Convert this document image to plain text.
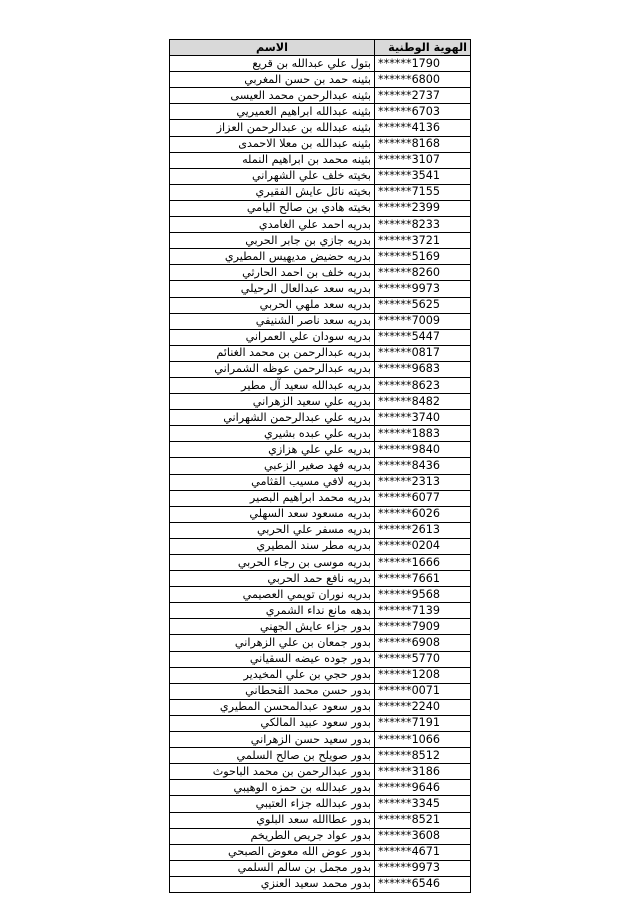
الهوية الوطنية	الاسم
******1790	بتول علي عبدالله بن قريع
******6800	بثينه حمد بن حسن المغربي
******2737	بثينه عبدالرحمن محمد العيسى
******6703	بثينه عبدالله ابراهيم العميريي
******4136	بثينه عبدالله بن عبدالرحمن العزاز
******8168	بثينه عبدالله بن معلا الاحمدى
******3107	بثينه محمد بن ابراهيم النمله
******3541	بخيته خلف علي الشهراني
******7155	بخيته نائل عايش الفقيري
******2399	بخيته هادي بن صالح اليامي
******8233	بدريه احمد علي الغامدي
******3721	بدريه جازي بن جابر الحربي
******5169	بدريه حضيض مديهيس المطيري
******8260	بدريه خلف بن احمد الحارثي
******9973	بدريه سعد عبدالعال الرحيلي
******5625	بدريه سعد ملهي الحربي
******7009	بدريه سعد ناصر الشنيفي
******5447	بدريه سودان علي العمراني
******0817	بدريه عبدالرحمن بن محمد الغنائم
******9683	بدريه عبدالرحمن عوظه الشمراني
******8623	بدريه عبدالله سعيد آل مطير
******8482	بدريه علي سعيد الزهراني
******3740	بدريه علي عبدالرحمن الشهراني
******1883	بدريه علي عبده بشيري
******9840	بدريه علي علي هزازي
******8436	بدريه فهد صغير الزعبي
******2313	بدريه لافي مسيب القثامي
******6077	بدريه محمد ابراهيم البصير
******6026	بدريه مسعود سعد السهلي
******2613	بدريه مسفر علي الحربي
******0204	بدريه مطر سند المطيري
******1666	بدريه موسى بن رجاء الحربي
******7661	بدريه نافع حمد الحربي
******9568	بدريه نوران تويمي العصيمي
******7139	بدهه مانع نداء الشمري
******7909	بدور جزاء عايش الجهني
******6908	بدور جمعان بن علي الزهراني
******5770	بدور جوده عيضه السقياني
******1208	بدور حجي بن علي المخيدير
******0071	بدور حسن محمد القحطاني
******2240	بدور سعود عبدالمحسن المطيري
******7191	بدور سعود عبيد المالكي
******1066	بدور سعيد حسن الزهراني
******8512	بدور صويلح بن صالح السلمي
******3186	بدور عبدالرحمن بن محمد الباحوث
******9646	بدور عبدالله بن حمزه الوهيبي
******3345	بدور عبدالله جزاء العتيبي
******8521	بدور عطاالله سعد البلوي
******3608	بدور عواد جريص الطريخم
******4671	بدور عوض الله معوض الصبحي
******9973	بدور مجمل بن سالم السلمي
******6546	بدور محمد سعيد العنزي
